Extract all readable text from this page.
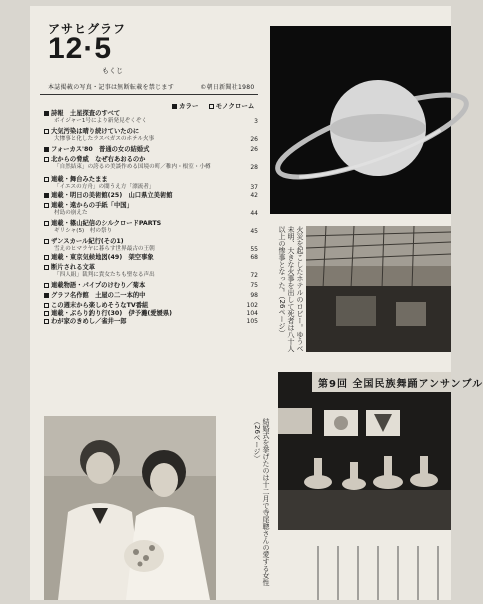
アサヒグラフ
12·5
もくじ
本誌掲載の写真・記事は無断転載を禁じます	©朝日新聞社1980
カラー	モノクローム
詩報　土星探査のすべて
ボイジャー1号により新発見ぞくぞく	3
大気汚染は晴り続けていたのに
大惨事と化したラスベガスのホテル火事	26
フォーカス'80　普通の女の結婚式	26
北からの脅威　なぜ右あおるのか
「自然結束」の誇るの美談作める国境の町／稚内・根室・小樽	28
連載・舞台みたまま
「イエスの方舟」の闇うえ方「漂流者」	37
連載・明日の美術館(25)　山口県立美術館	42
連載・遠からの手紙「中国」
村島の崩えた	44
連載・篠山紀信のシルクロードPARTS
ギリシャ(5)　村の祭り	45
ザンスカール紀行(その1)
雪えのヒマラヤに暮らす世界最古の王朝	55
連載・東京気候地図(49)　架空事象	68
断片される文革
「四人組」裁判に貴女たちも聖なる声出	72
連載物語・パイプのけむり／菊本	75
グラフ名作館　土屋の二一本的中	98
この週末から楽しめそうなTV番組	102
連載・ぶらり釣り行(30)　伊予灘(愛媛県)	104
わが家のきめし／雀井一郎	105

	火災を起こしたホテルのロビー。ゆうべ未明、大きな火事を出して死者は八十人以上の惨事となった。（26ページ）
結婚式を挙げたのは十二月で寺尾聰さんの愛する女性（26ページ）
第9回 全国民族舞踊アンサンブル
